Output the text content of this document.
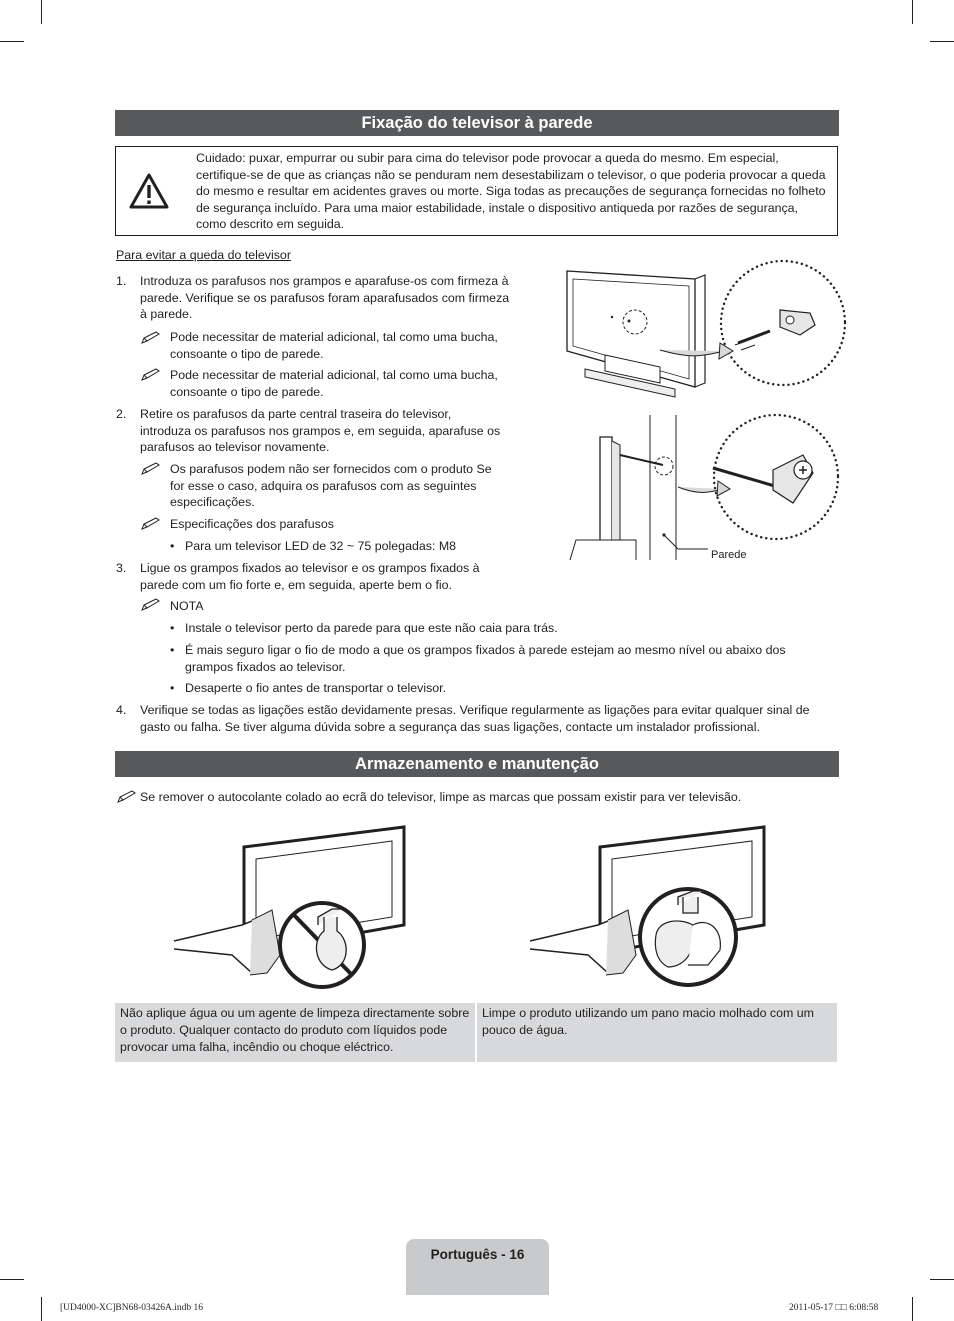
Fixação do televisor à parede
Cuidado: puxar, empurrar ou subir para cima do televisor pode provocar a queda do mesmo. Em especial, certifique-se de que as crianças não se penduram nem desestabilizam o televisor, o que poderia provocar a queda do mesmo e resultar em acidentes graves ou morte. Siga todas as precauções de segurança fornecidas no folheto de segurança incluído. Para uma maior estabilidade, instale o dispositivo antiqueda por razões de segurança, como descrito em seguida.
Para evitar a queda do televisor
1. Introduza os parafusos nos grampos e aparafuse-os com firmeza à parede. Verifique se os parafusos foram aparafusados com firmeza à parede.
Pode necessitar de material adicional, tal como uma bucha, consoante o tipo de parede.
Pode necessitar de material adicional, tal como uma bucha, consoante o tipo de parede.
2. Retire os parafusos da parte central traseira do televisor, introduza os parafusos nos grampos e, em seguida, aparafuse os parafusos ao televisor novamente.
Os parafusos podem não ser fornecidos com o produto Se for esse o caso, adquira os parafusos com as seguintes especificações.
Especificações dos parafusos
• Para um televisor LED de 32 ~ 75 polegadas: M8
3. Ligue os grampos fixados ao televisor e os grampos fixados à parede com um fio forte e, em seguida, aperte bem o fio.
NOTA
• Instale o televisor perto da parede para que este não caia para trás.
• É mais seguro ligar o fio de modo a que os grampos fixados à parede estejam ao mesmo nível ou abaixo dos grampos fixados ao televisor.
• Desaperte o fio antes de transportar o televisor.
4. Verifique se todas as ligações estão devidamente presas. Verifique regularmente as ligações para evitar qualquer sinal de gasto ou falha. Se tiver alguma dúvida sobre a segurança das suas ligações, contacte um instalador profissional.
Parede
Armazenamento e manutenção
Se remover o autocolante colado ao ecrã do televisor, limpe as marcas que possam existir para ver televisão.
Não aplique água ou um agente de limpeza directamente sobre o produto. Qualquer contacto do produto com líquidos pode provocar uma falha, incêndio ou choque eléctrico.
Limpe o produto utilizando um pano macio molhado com um pouco de água.
Português - 16
[UD4000-XC]BN68-03426A.indb 16	2011-05-17 □□ 6:08:58
